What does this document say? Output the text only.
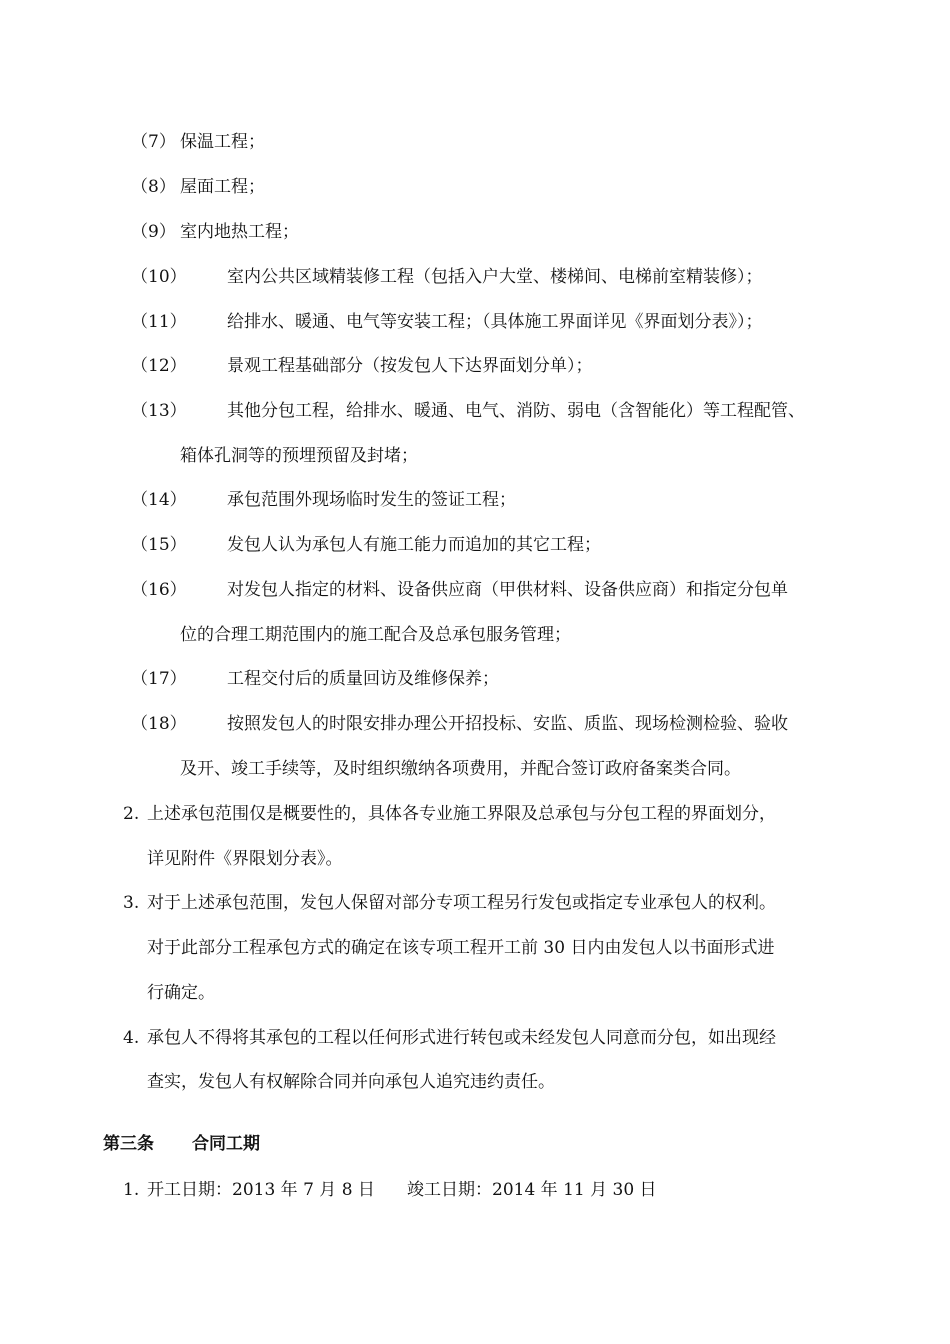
（7） 保温工程；
（8） 屋面工程；
（9） 室内地热工程；
（10） 室内公共区域精装修工程（包括入户大堂、楼梯间、电梯前室精装修）；
（11） 给排水、暖通、电气等安装工程；（具体施工界面详见《界面划分表》）；
（12） 景观工程基础部分（按发包人下达界面划分单）；
（13） 其他分包工程，给排水、暖通、电气、消防、弱电（含智能化）等工程配管、
箱体孔洞等的预埋预留及封堵；
（14） 承包范围外现场临时发生的签证工程；
（15） 发包人认为承包人有施工能力而追加的其它工程；
（16） 对发包人指定的材料、设备供应商（甲供材料、设备供应商）和指定分包单
位的合理工期范围内的施工配合及总承包服务管理；
（17） 工程交付后的质量回访及维修保养；
（18） 按照发包人的时限安排办理公开招投标、安监、质监、现场检测检验、验收
及开、竣工手续等，及时组织缴纳各项费用，并配合签订政府备案类合同。
2. 上述承包范围仅是概要性的，具体各专业施工界限及总承包与分包工程的界面划分，
详见附件《界限划分表》。
3. 对于上述承包范围，发包人保留对部分专项工程另行发包或指定专业承包人的权利。
对于此部分工程承包方式的确定在该专项工程开工前 30 日内由发包人以书面形式进
行确定。
4. 承包人不得将其承包的工程以任何形式进行转包或未经发包人同意而分包，如出现经
查实，发包人有权解除合同并向承包人追究违约责任。
第三条 合同工期
1. 开工日期：2013 年 7 月 8 日 竣工日期：2014 年 11 月 30 日
